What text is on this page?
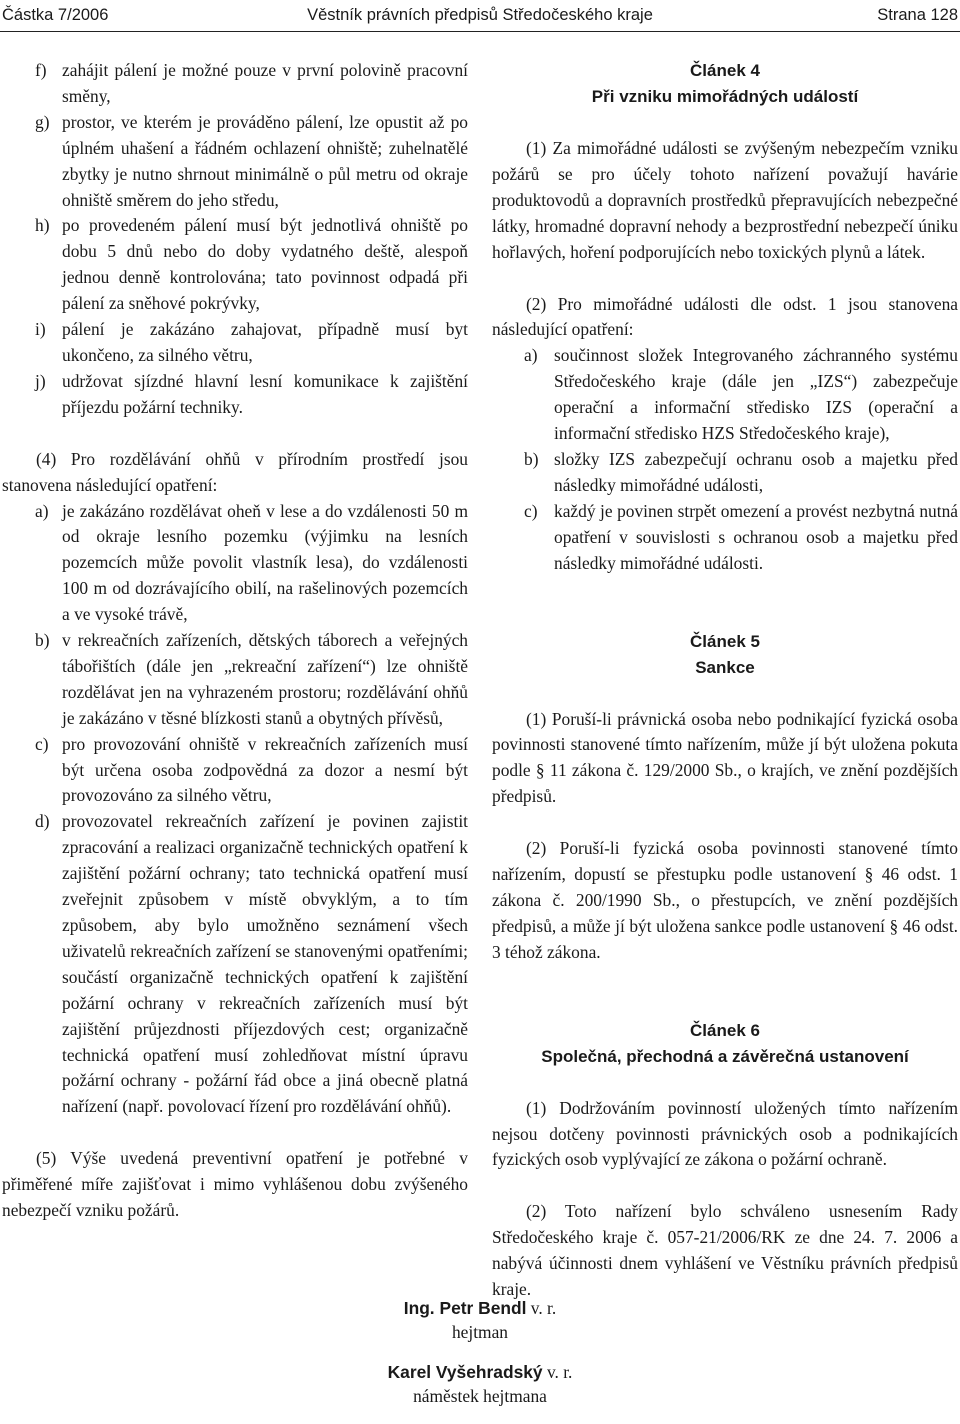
Částka 7/2006	Věstník právních předpisů Středočeského kraje	Strana 128
f) zahájit pálení je možné pouze v první polovině pracovní směny,
g) prostor, ve kterém je prováděno pálení, lze opustit až po úplném uhašení a řádném ochlazení ohniště; zuhelnatělé zbytky je nutno shrnout minimálně o půl metru od okraje ohniště směrem do jeho středu,
h) po provedeném pálení musí být jednotlivá ohniště po dobu 5 dnů nebo do doby vydatného deště, alespoň jednou denně kontrolována; tato povinnost odpadá při pálení za sněhové pokrývky,
i) pálení je zakázáno zahajovat, případně musí byt ukončeno, za silného větru,
j) udržovat sjízdné hlavní lesní komunikace k zajištění příjezdu požární techniky.

(4) Pro rozdělávání ohňů v přírodním prostředí jsou stanovena následující opatření:

a) je zakázáno rozdělávat oheň v lese a do vzdálenosti 50 m od okraje lesního pozemku (výjimku na lesních pozemcích může povolit vlastník lesa), do vzdálenosti 100 m od dozrávajícího obilí, na rašelinových pozemcích a ve vysoké trávě,
b) v rekreačních zařízeních, dětských táborech a veřejných tábořištích (dále jen „rekreační zařízení“) lze ohniště rozdělávat jen na vyhrazeném prostoru; rozdělávání ohňů je zakázáno v těsné blízkosti stanů a obytných přívěsů,
c) pro provozování ohniště v rekreačních zařízeních musí být určena osoba zodpovědná za dozor a nesmí být provozováno za silného větru,
d) provozovatel rekreačních zařízení je povinen zajistit zpracování a realizaci organizačně technických opatření k zajištění požární ochrany; tato technická opatření musí zveřejnit způsobem v místě obvyklým, a to tím způsobem, aby bylo umožněno seznámení všech uživatelů rekreačních zařízení se stanovenými opatřeními; součástí organizačně technických opatření k zajištění požární ochrany v rekreačních zařízeních musí být zajištění průjezdnosti příjezdových cest; organizačně technická opatření musí zohledňovat místní úpravu požární ochrany - požární řád obce a jiná obecně platná nařízení (např. povolovací řízení pro rozdělávání ohňů).

(5) Výše uvedená preventivní opatření je potřebné v přiměřené míře zajišťovat i mimo vyhlášenou dobu zvýšeného nebezpečí vzniku požárů.

Článek 4

Při vzniku mimořádných událostí

(1) Za mimořádné události se zvýšeným nebezpečím vzniku požárů se pro účely tohoto nařízení považují havárie produktovodů a dopravních prostředků přepravujících nebezpečné látky, hromadné dopravní nehody a bezprostřední nebezpečí úniku hořlavých, hoření podporujících nebo toxických plynů a látek.

(2) Pro mimořádné události dle odst. 1 jsou stanovena následující opatření:

a) součinnost složek Integrovaného záchranného systému Středočeského kraje (dále jen „IZS“) zabezpečuje operační a informační středisko IZS (operační a informační středisko HZS Středočeského kraje),
b) složky IZS zabezpečují ochranu osob a majetku před následky mimořádné události,
c) každý je povinen strpět omezení a provést nezbytná nutná opatření v souvislosti s ochranou osob a majetku před následky mimořádné události.

Článek 5

Sankce

(1) Poruší-li právnická osoba nebo podnikající fyzická osoba povinnosti stanovené tímto nařízením, může jí být uložena pokuta podle § 11 zákona č. 129/2000 Sb., o krajích, ve znění pozdějších předpisů.

(2) Poruší-li fyzická osoba povinnosti stanovené tímto nařízením, dopustí se přestupku podle ustanovení § 46 odst. 1 zákona č. 200/1990 Sb., o přestupcích, ve znění pozdějších předpisů, a může jí být uložena sankce podle ustanovení § 46 odst. 3 téhož zákona.

Článek 6

Společná, přechodná a závěrečná ustanovení

(1) Dodržováním povinností uložených tímto nařízením nejsou dotčeny povinnosti právnických osob a podnikajících fyzických osob vyplývající ze zákona o požární ochraně.

(2) Toto nařízení bylo schváleno usnesením Rady Středočeského kraje č. 057-21/2006/RK ze dne 24. 7. 2006 a nabývá účinnosti dnem vyhlášení ve Věstníku právních předpisů kraje.

Ing. Petr Bendl v. r.
hejtman
Karel Vyšehradský v. r.
náměstek hejtmana
